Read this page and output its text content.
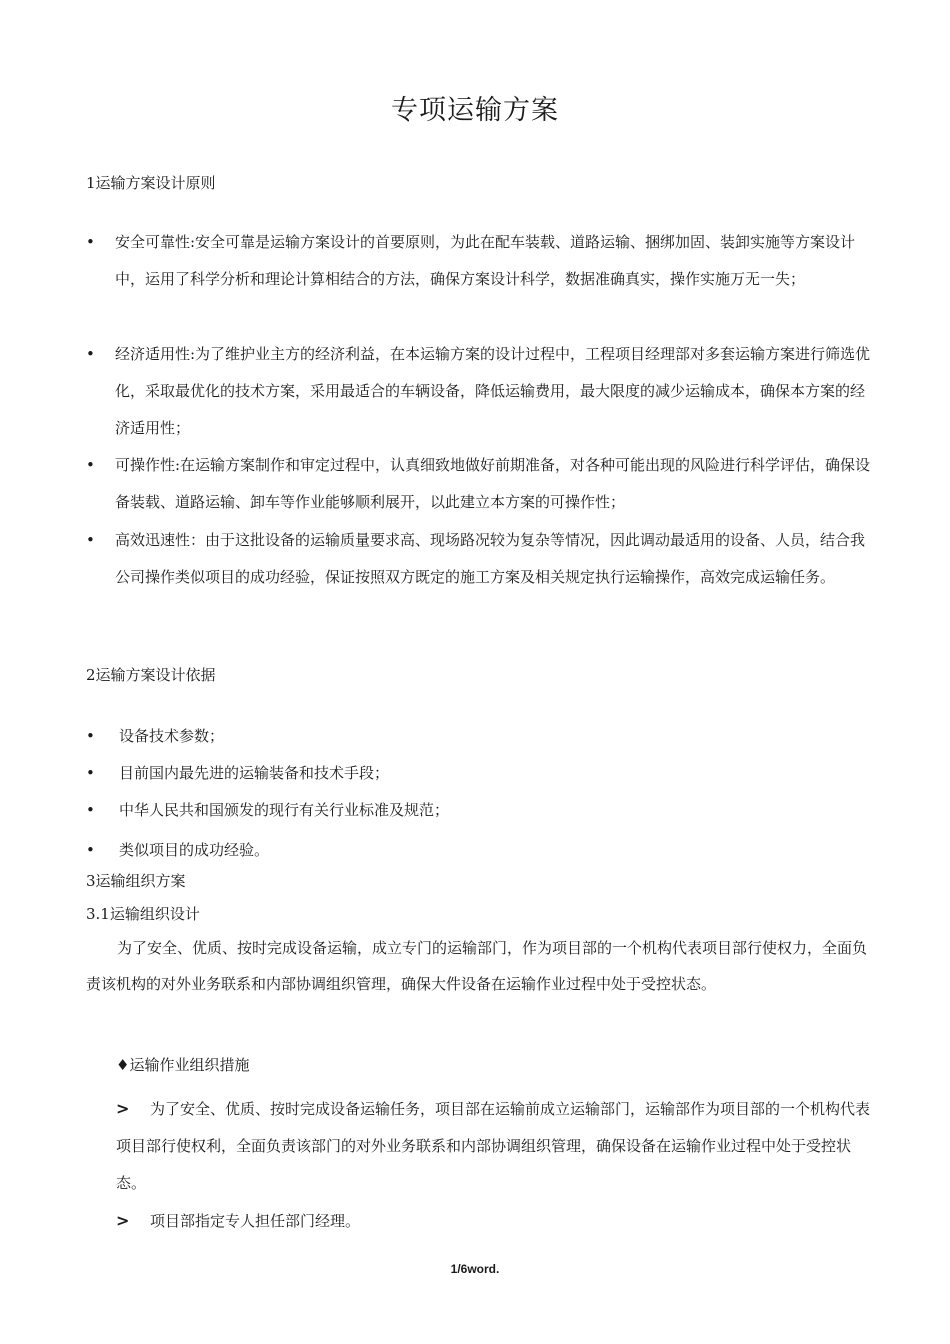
专项运输方案
1运输方案设计原则
•	安全可靠性:安全可靠是运输方案设计的首要原则，为此在配车装载、道路运输、捆绑加固、装卸实施等方案设计中，运用了科学分析和理论计算相结合的方法，确保方案设计科学，数据准确真实，操作实施万无一失；
•	经济适用性:为了维护业主方的经济利益，在本运输方案的设计过程中，工程项目经理部对多套运输方案进行筛选优化，采取最优化的技术方案，采用最适合的车辆设备，降低运输费用，最大限度的减少运输成本，确保本方案的经济适用性；
•	可操作性:在运输方案制作和审定过程中，认真细致地做好前期准备，对各种可能出现的风险进行科学评估，确保设备装载、道路运输、卸车等作业能够顺利展开，以此建立本方案的可操作性；
•	高效迅速性：由于这批设备的运输质量要求高、现场路况较为复杂等情况，因此调动最适用的设备、人员，结合我公司操作类似项目的成功经验，保证按照双方既定的施工方案及相关规定执行运输操作，高效完成运输任务。
2运输方案设计依据
• 设备技术参数；
• 目前国内最先进的运输装备和技术手段；
• 中华人民共和国颁发的现行有关行业标准及规范；
• 类似项目的成功经验。
3运输组织方案
3.1运输组织设计
为了安全、优质、按时完成设备运输，成立专门的运输部门，作为项目部的一个机构代表项目部行使权力，全面负责该机构的对外业务联系和内部协调组织管理，确保大件设备在运输作业过程中处于受控状态。
♦运输作业组织措施
> 为了安全、优质、按时完成设备运输任务，项目部在运输前成立运输部门，运输部作为项目部的一个机构代表项目部行使权利，全面负责该部门的对外业务联系和内部协调组织管理，确保设备在运输作业过程中处于受控状态。
> 项目部指定专人担任部门经理。
1/6word.
